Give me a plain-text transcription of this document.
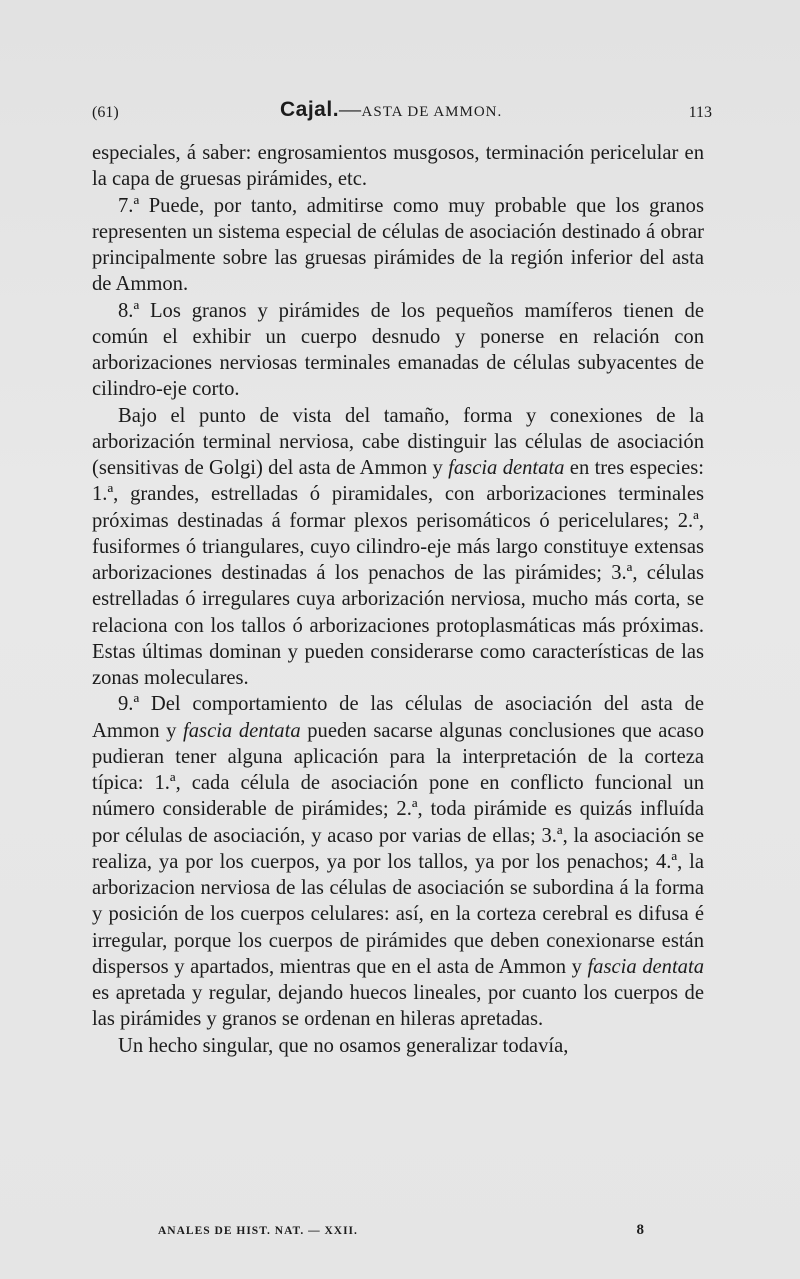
(61)	Cajal.—ASTA DE AMMON.	113

especiales, á saber: engrosamientos musgosos, terminación pericelular en la capa de gruesas pirámides, etc.

7.ª Puede, por tanto, admitirse como muy probable que los granos representen un sistema especial de células de asociación destinado á obrar principalmente sobre las gruesas pirámides de la región inferior del asta de Ammon.

8.ª Los granos y pirámides de los pequeños mamíferos tienen de común el exhibir un cuerpo desnudo y ponerse en relación con arborizaciones nerviosas terminales emanadas de células subyacentes de cilindro-eje corto.

Bajo el punto de vista del tamaño, forma y conexiones de la arborización terminal nerviosa, cabe distinguir las células de asociación (sensitivas de Golgi) del asta de Ammon y fascia dentata en tres especies: 1.ª, grandes, estrelladas ó piramidales, con arborizaciones terminales próximas destinadas á formar plexos perisomáticos ó pericelulares; 2.ª, fusiformes ó triangulares, cuyo cilindro-eje más largo constituye extensas arborizaciones destinadas á los penachos de las pirámides; 3.ª, células estrelladas ó irregulares cuya arborización nerviosa, mucho más corta, se relaciona con los tallos ó arborizaciones protoplasmáticas más próximas. Estas últimas dominan y pueden considerarse como características de las zonas moleculares.

9.ª Del comportamiento de las células de asociación del asta de Ammon y fascia dentata pueden sacarse algunas conclusiones que acaso pudieran tener alguna aplicación para la interpretación de la corteza típica: 1.ª, cada célula de asociación pone en conflicto funcional un número considerable de pirámides; 2.ª, toda pirámide es quizás influída por células de asociación, y acaso por varias de ellas; 3.ª, la asociación se realiza, ya por los cuerpos, ya por los tallos, ya por los penachos; 4.ª, la arborizacion nerviosa de las células de asociación se subordina á la forma y posición de los cuerpos celulares: así, en la corteza cerebral es difusa é irregular, porque los cuerpos de pirámides que deben conexionarse están dispersos y apartados, mientras que en el asta de Ammon y fascia dentata es apretada y regular, dejando huecos lineales, por cuanto los cuerpos de las pirámides y granos se ordenan en hileras apretadas.

Un hecho singular, que no osamos generalizar todavía,

ANALES DE HIST. NAT. — XXII.	8
